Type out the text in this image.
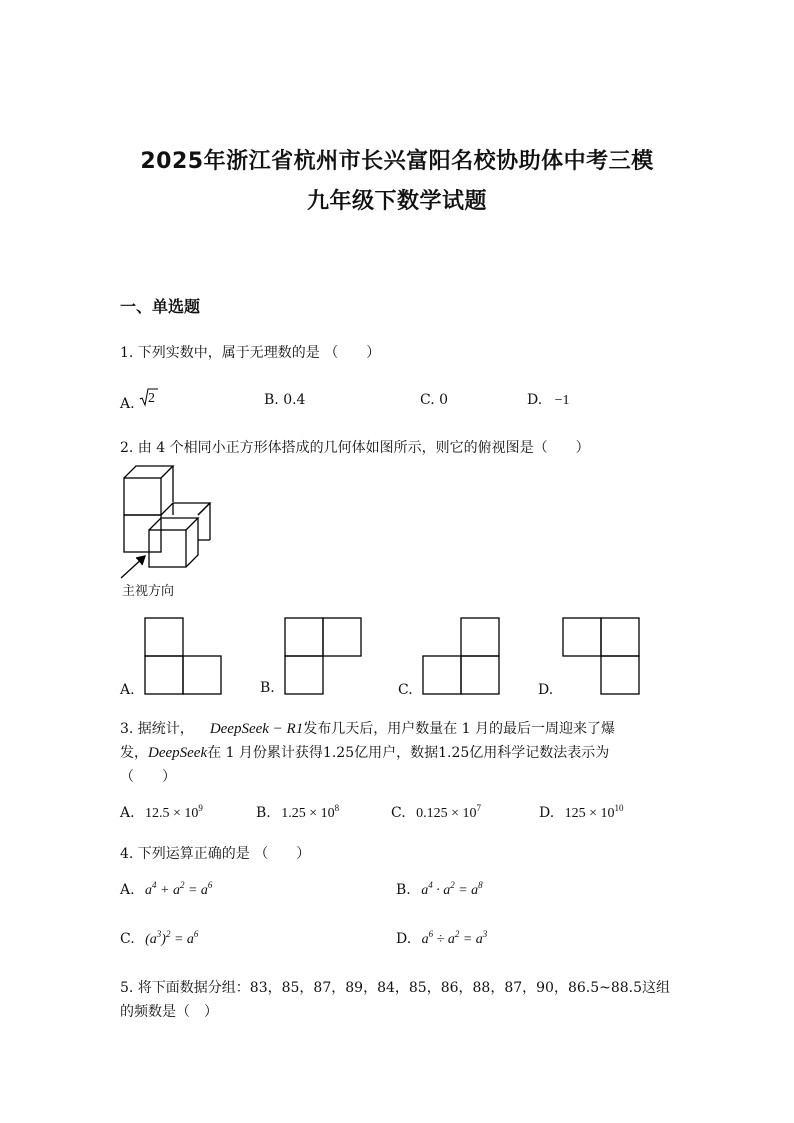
2025年浙江省杭州市长兴富阳名校协助体中考三模
九年级下数学试题
一、单选题
1. 下列实数中，属于无理数的是 （　　）
A. 2	B. 0.4	C. 0	D. −1
2. 由 4 个相同小正方形体搭成的几何体如图所示，则它的俯视图是（　　）
主视方向
A.	B.	C.	D.
3. 据统计， DeepSeek − R1发布几天后，用户数量在 1 月的最后一周迎来了爆
发，DeepSeek在 1 月份累计获得1.25亿用户，数据1.25亿用科学记数法表示为
（　　）
A. $12.5 \times 10^9$	B. $1.25 \times 10^8$	C. $0.125 \times 10^7$	D. $125 \times 10^{10}$
4. 下列运算正确的是 （　　）
A. $a^4 + a^2 = a^6$	B. $a^4 \cdot a^2 = a^8$
C. $(a^3)^2 = a^6$	D. $a^6 \div a^2 = a^3$
5. 将下面数据分组：83，85，87，89，84，85，86，88，87，90，86.5~88.5这组
的频数是（　）
